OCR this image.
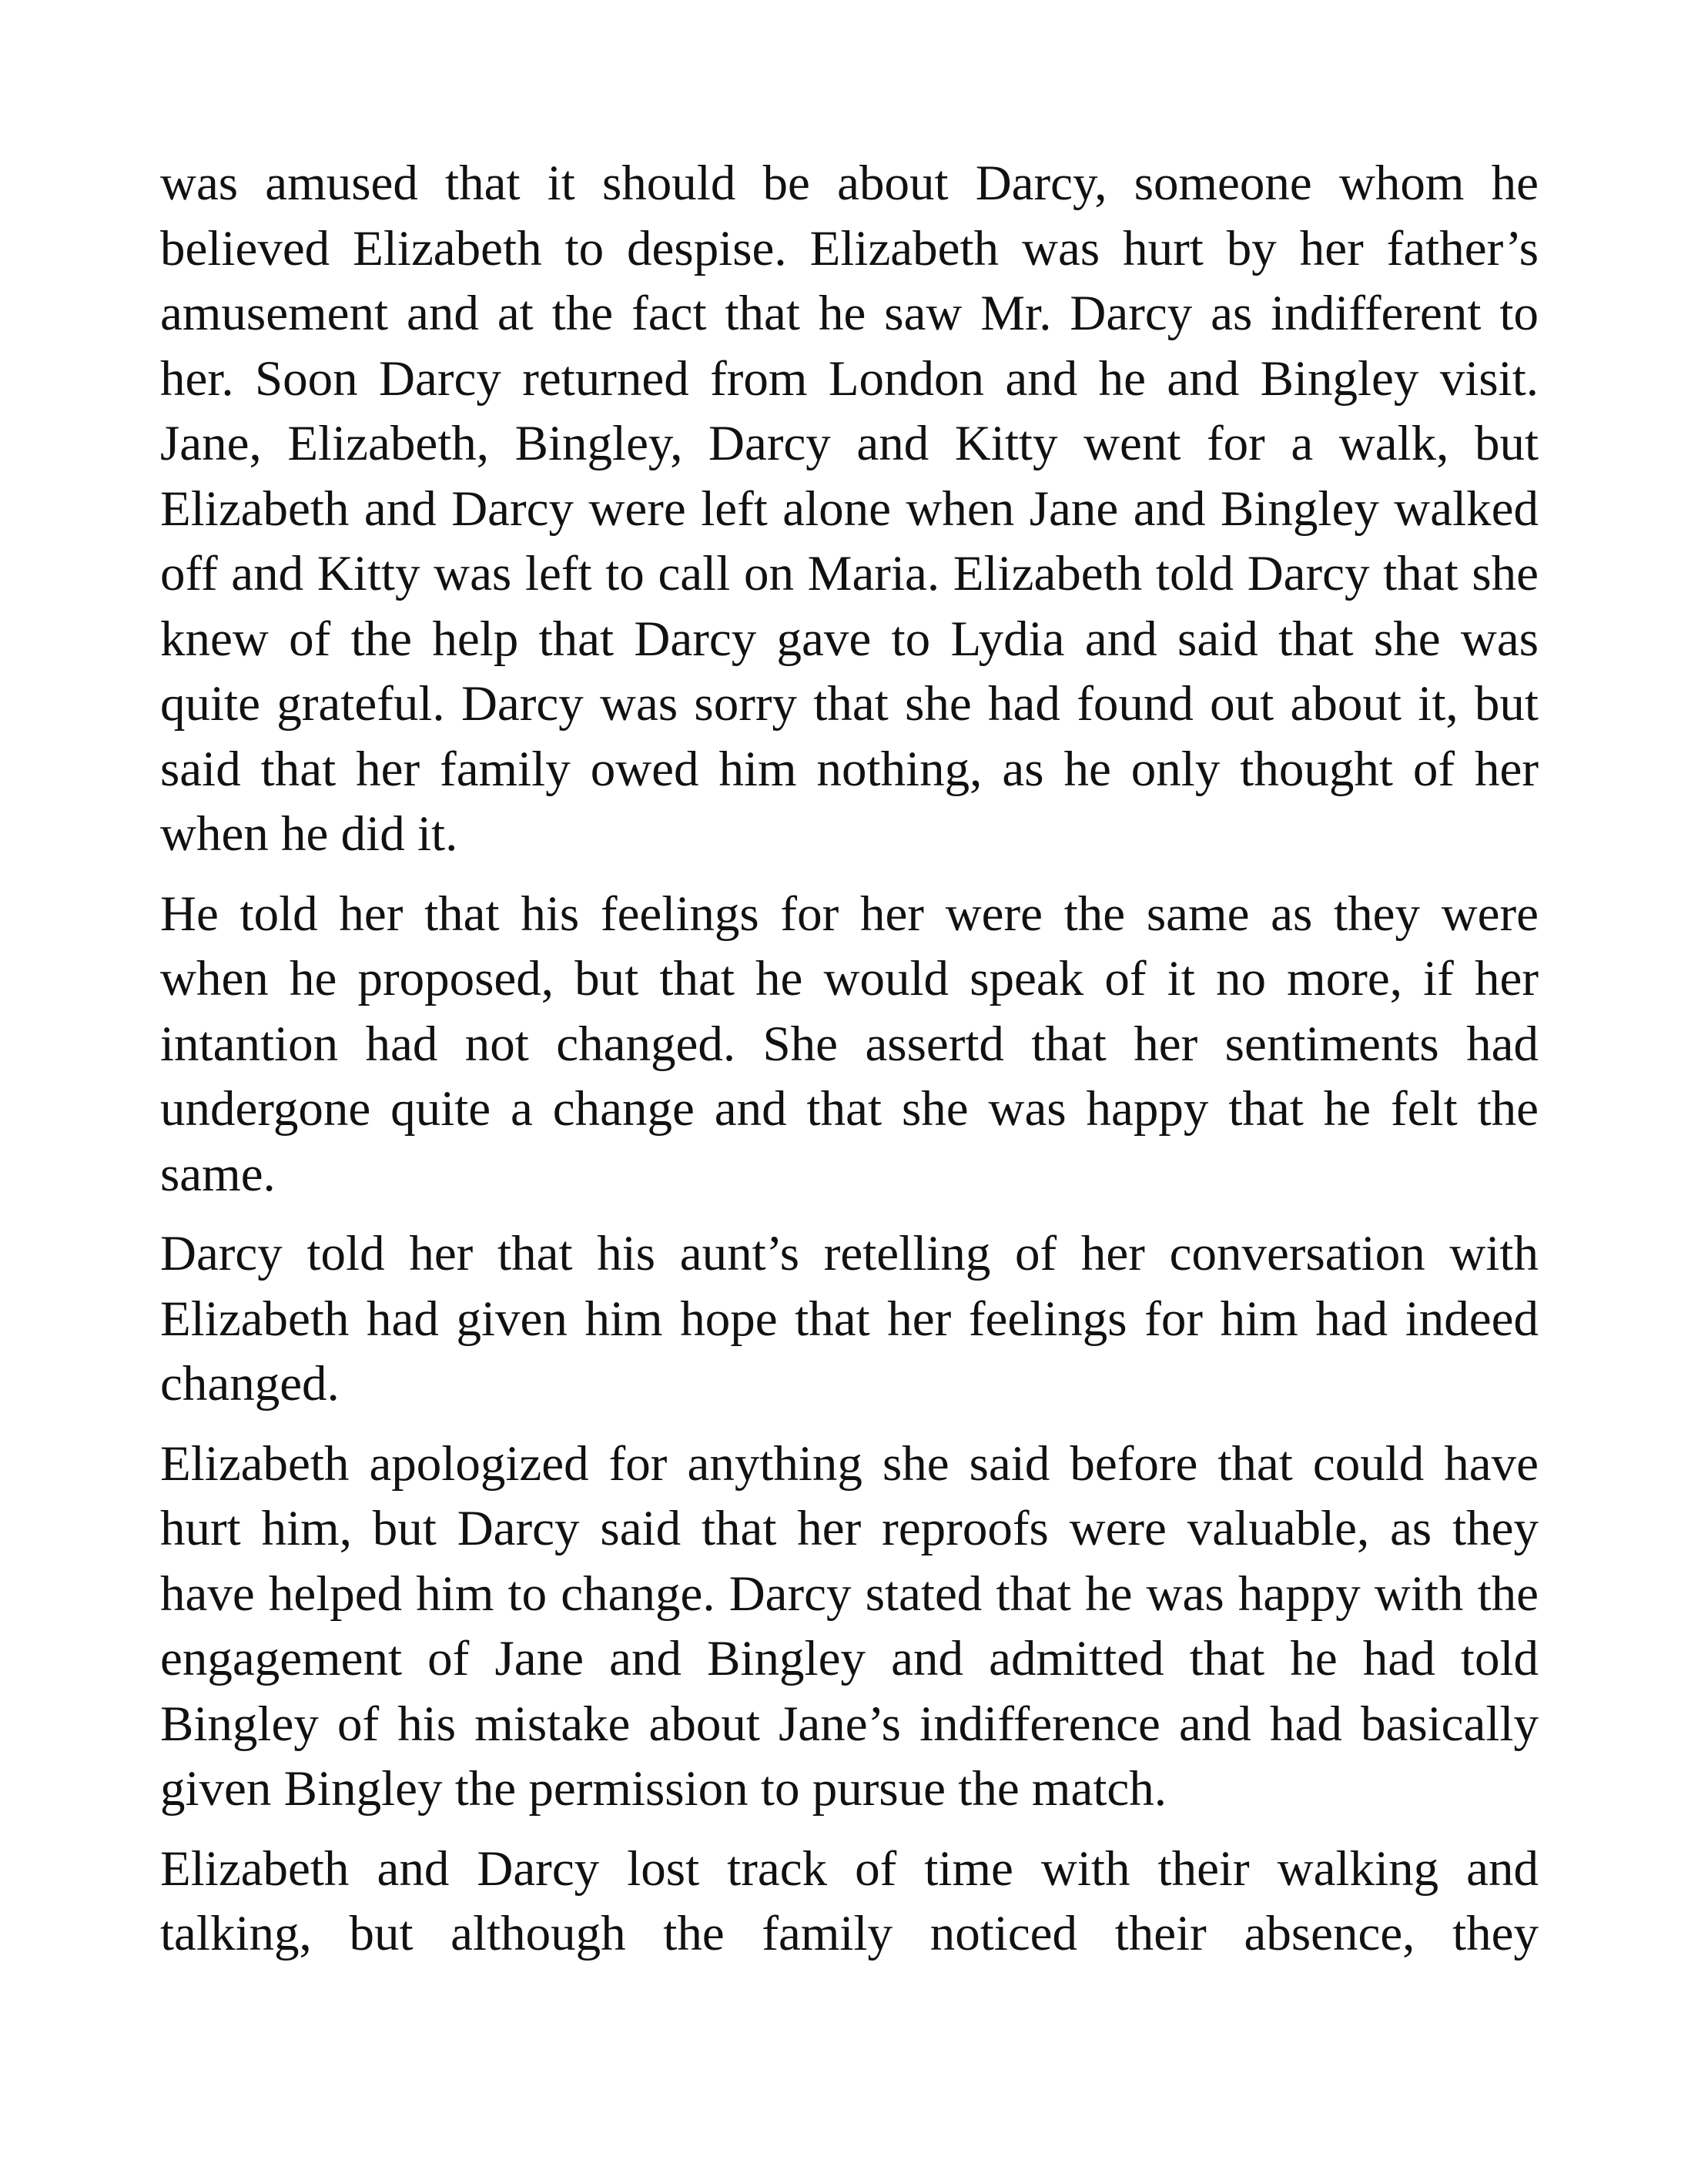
was amused that it should be about Darcy, someone whom he believed Elizabeth to despise. Elizabeth was hurt by her father’s amusement and at the fact that he saw Mr. Darcy as indifferent to her. Soon Darcy returned from London and he and Bingley visit. Jane, Elizabeth, Bingley, Darcy and Kitty went for a walk, but Elizabeth and Darcy were left alone when Jane and Bingley walked off and Kitty was left to call on Maria. Elizabeth told Darcy that she knew of the help that Darcy gave to Lydia and said that she was quite grateful. Darcy was sorry that she had found out about it, but said that her family owed him nothing, as he only thought of her when he did it.

He told her that his feelings for her were the same as they were when he proposed, but that he would speak of it no more, if her intantion had not changed. She assertd that her sentiments had undergone quite a change and that she was happy that he felt the same.

Darcy told her that his aunt’s retelling of her conversation with Elizabeth had given him hope that her feelings for him had indeed changed.

Elizabeth apologized for anything she said before that could have hurt him, but Darcy said that her reproofs were valuable, as they have helped him to change. Darcy stated that he was happy with the engagement of Jane and Bingley and admitted that he had told Bingley of his mistake about Jane’s indifference and had basically given Bingley the permission to pursue the match.

Elizabeth and Darcy lost track of time with their walking and talking, but although the family noticed their absence, they
